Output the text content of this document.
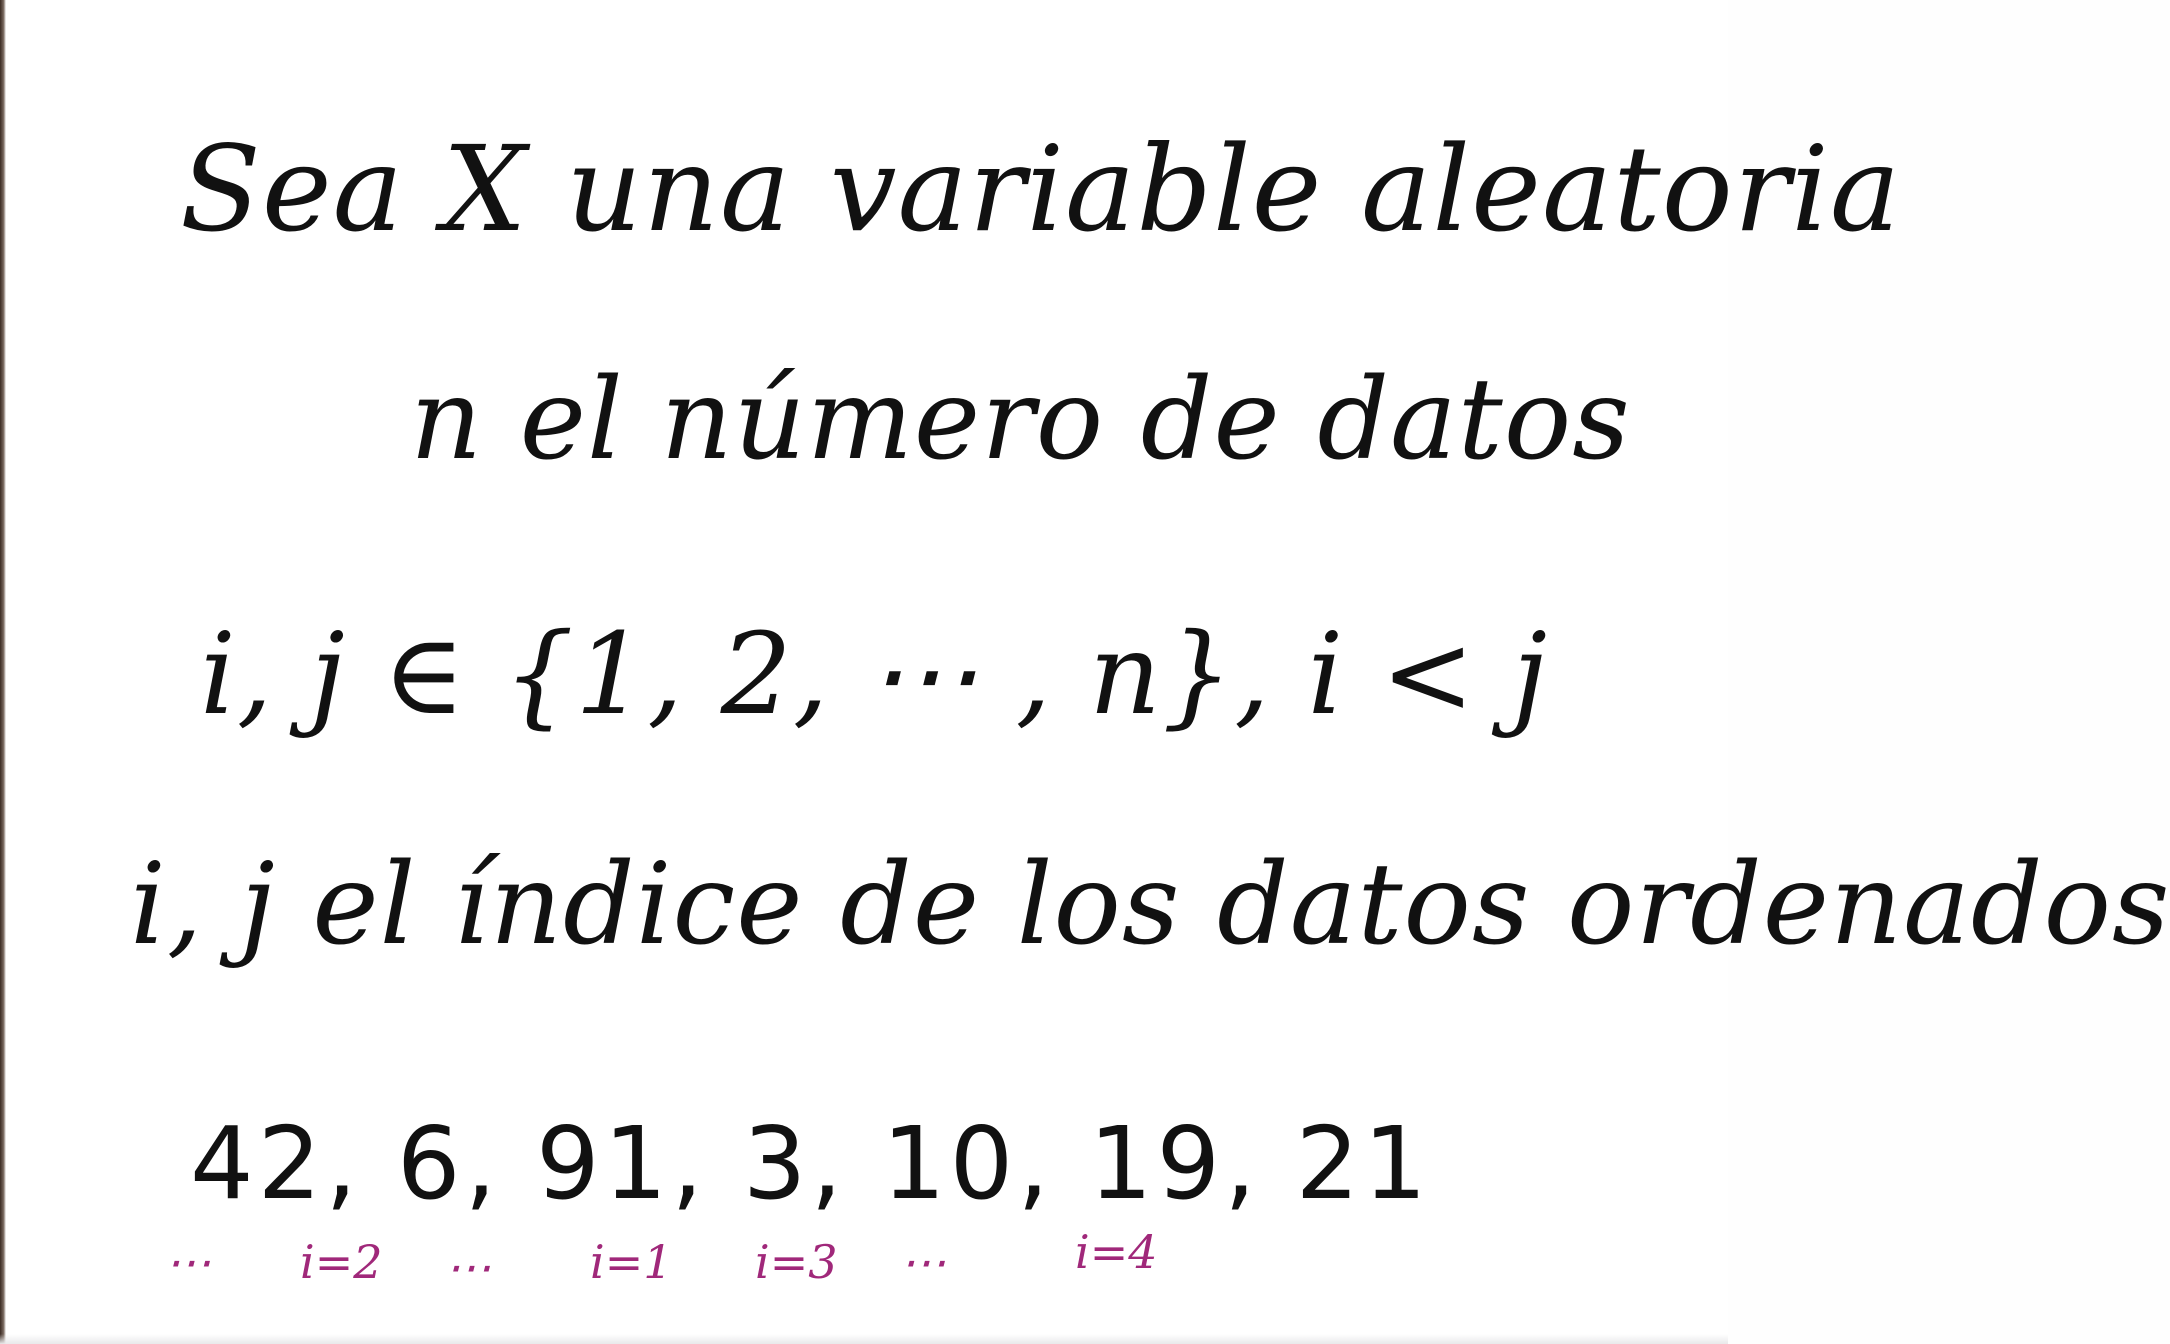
Sea X una variable aleatoria
n el número de datos
i, j ∈ {1, 2, ⋯ , n}, i < j
i, j el índice de los datos ordenados
42, 6, 91, 3, 10, 19, 21
⋯ i=2 ⋯ i=1 i=3 ⋯	i=4
